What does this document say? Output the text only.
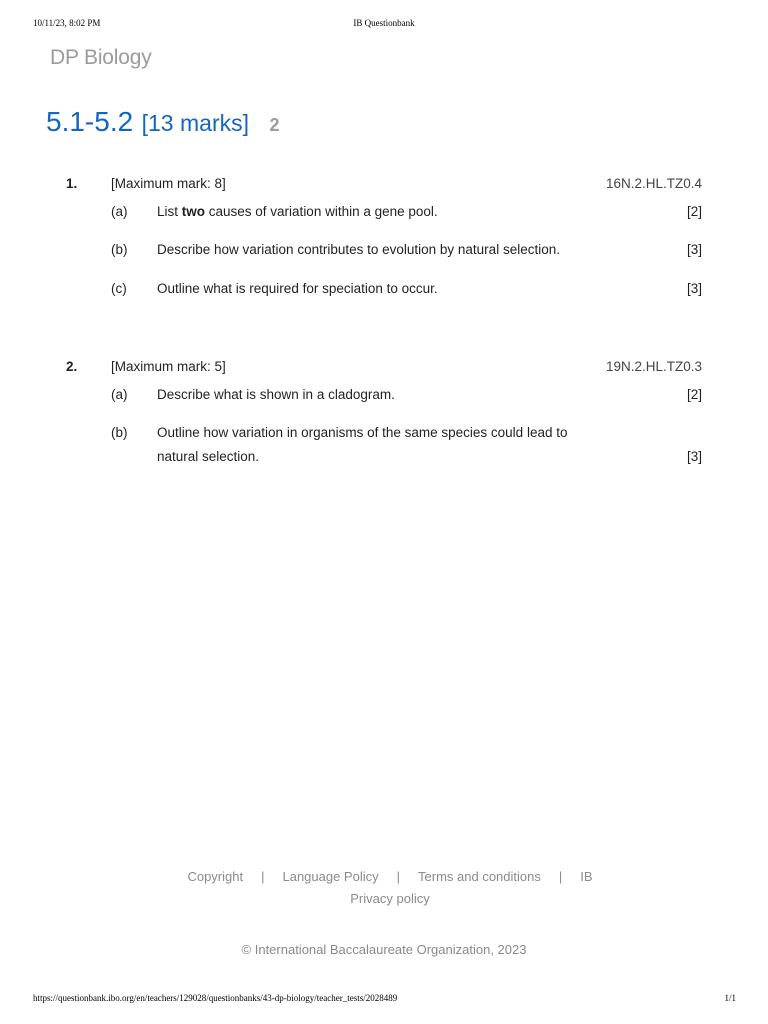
10/11/23, 8:02 PM	IB Questionbank
DP Biology
5.1-5.2 [13 marks] 2
1. [Maximum mark: 8]	16N.2.HL.TZ0.4
(a) List two causes of variation within a gene pool.	[2]
(b) Describe how variation contributes to evolution by natural selection.	[3]
(c) Outline what is required for speciation to occur.	[3]
2. [Maximum mark: 5]	19N.2.HL.TZ0.3
(a) Describe what is shown in a cladogram.	[2]
(b) Outline how variation in organisms of the same species could lead to
natural selection.	[3]
Copyright | Language Policy | Terms and conditions | IB
Privacy policy
© International Baccalaureate Organization, 2023
https://questionbank.ibo.org/en/teachers/129028/questionbanks/43-dp-biology/teacher_tests/2028489	1/1
